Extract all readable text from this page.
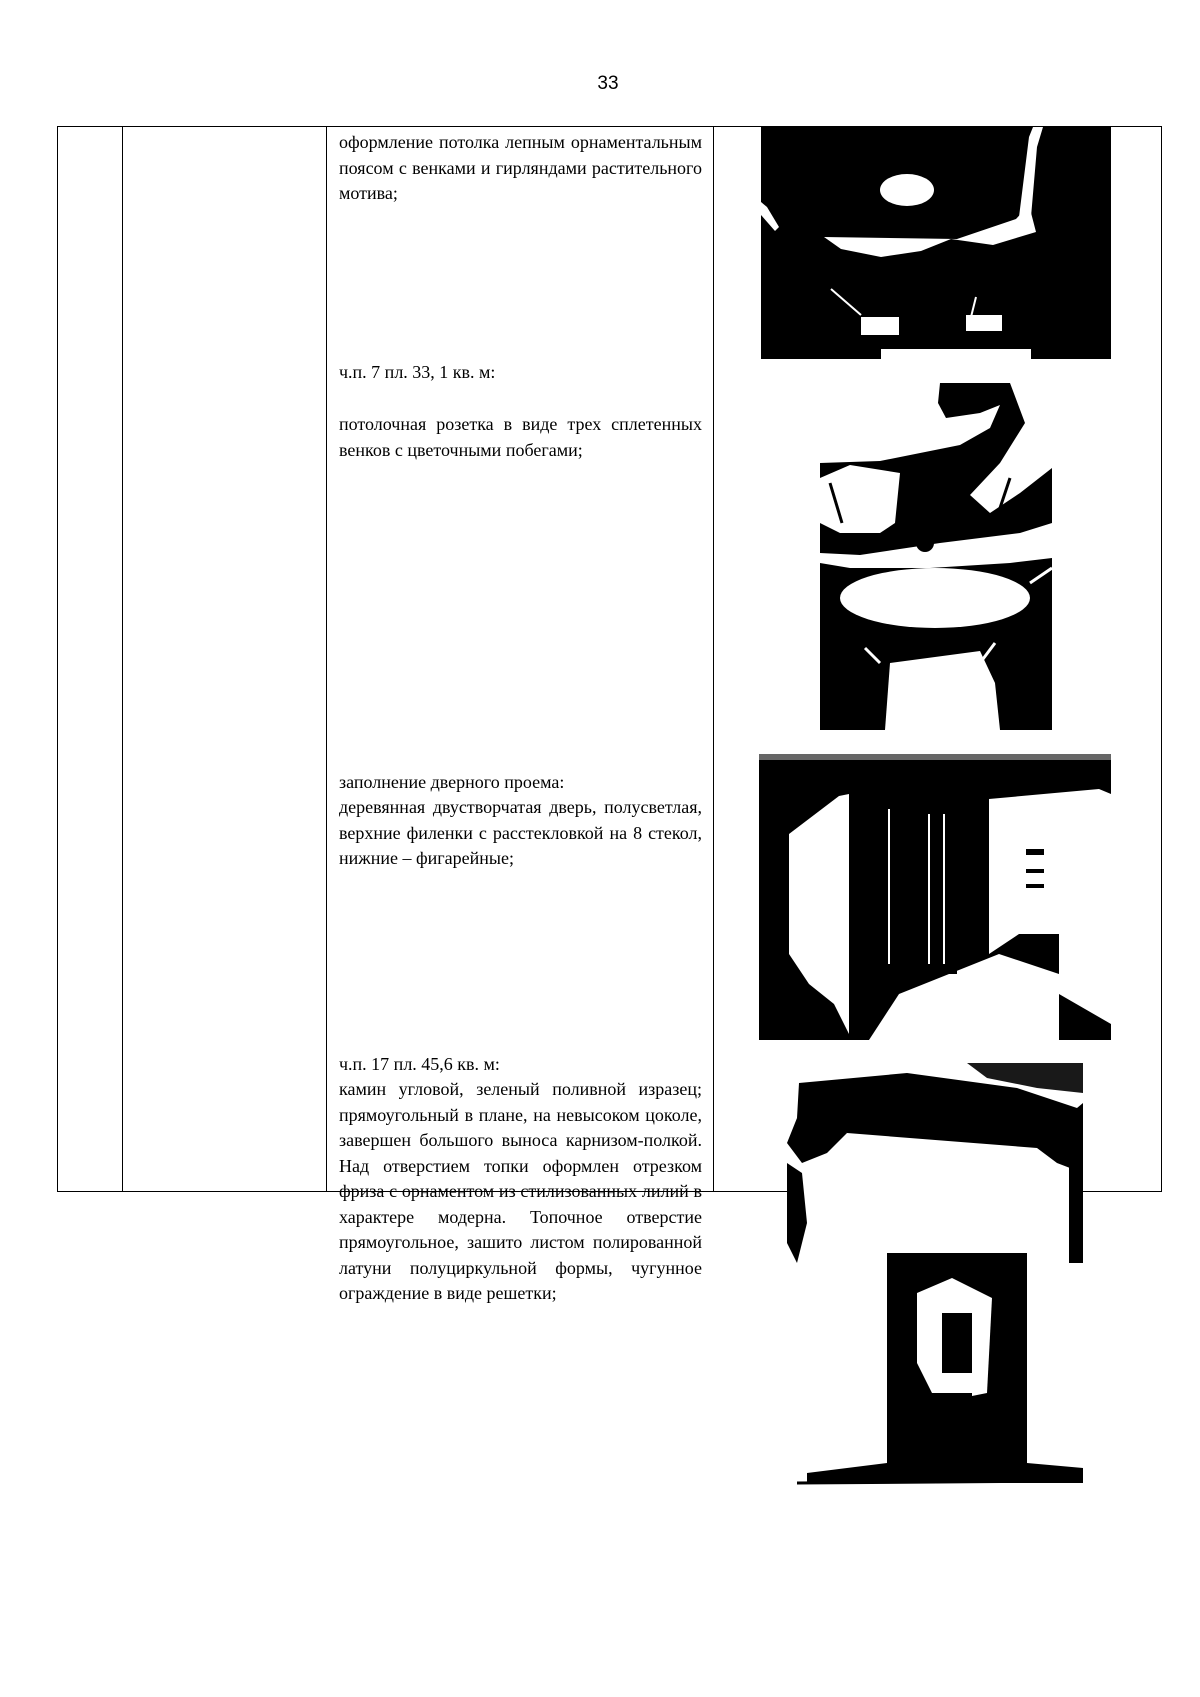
33
оформление потолка лепным орнаментальным поясом с венками и гирляндами растительного мотива;
ч.п. 7 пл. 33, 1 кв. м:
потолочная розетка в виде трех сплетенных венков с цветочными побегами;
заполнение дверного проема:
деревянная двустворчатая дверь, полусветлая, верхние филенки с расстекловкой на 8 стекол, нижние – фигарейные;
ч.п. 17 пл. 45,6 кв. м:
камин угловой, зеленый поливной изразец; прямоугольный в плане, на невысоком цоколе, завершен большого выноса карнизом-полкой. Над отверстием топки оформлен отрезком фриза с орнаментом из стилизованных лилий в характере модерна. Топочное отверстие прямоугольное, зашито листом полированной латуни полуциркульной формы, чугунное ограждение в виде решетки;
